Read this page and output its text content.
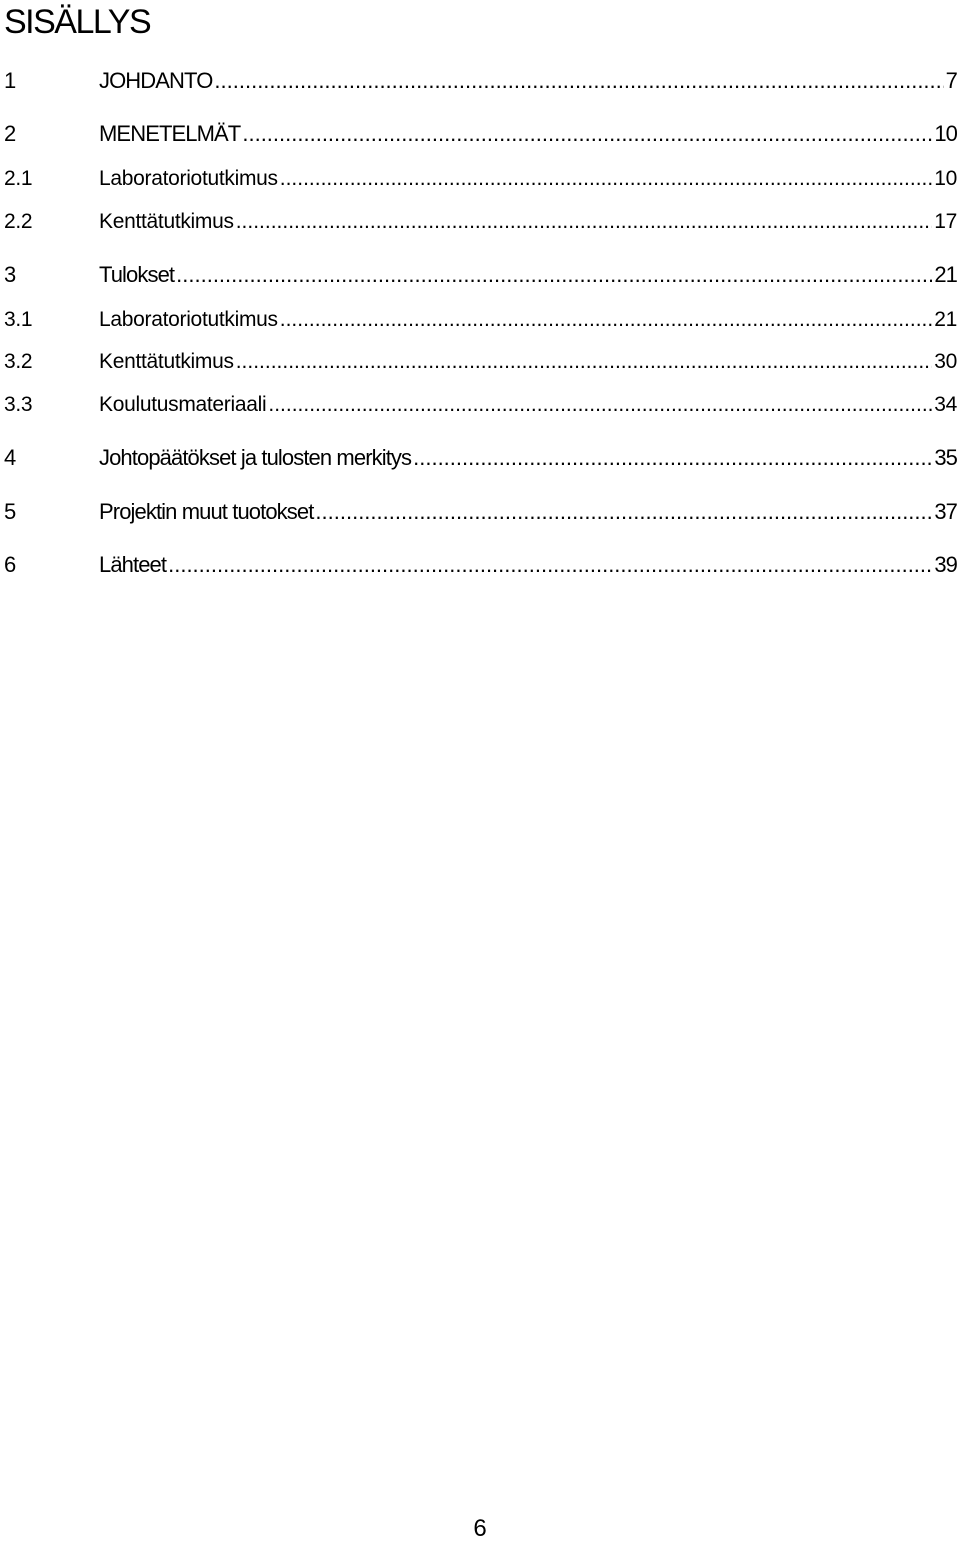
SISÄLLYS
1	JOHDANTO .....	7
2	MENETELMÄT .....	10
2.1	Laboratoriotutkimus .....	10
2.2	Kenttätutkimus .....	17
3	Tulokset .....	21
3.1	Laboratoriotutkimus .....	21
3.2	Kenttätutkimus .....	30
3.3	Koulutusmateriaali .....	34
4	Johtopäätökset ja tulosten merkitys .....	35
5	Projektin muut tuotokset .....	37
6	Lähteet .....	39
6
